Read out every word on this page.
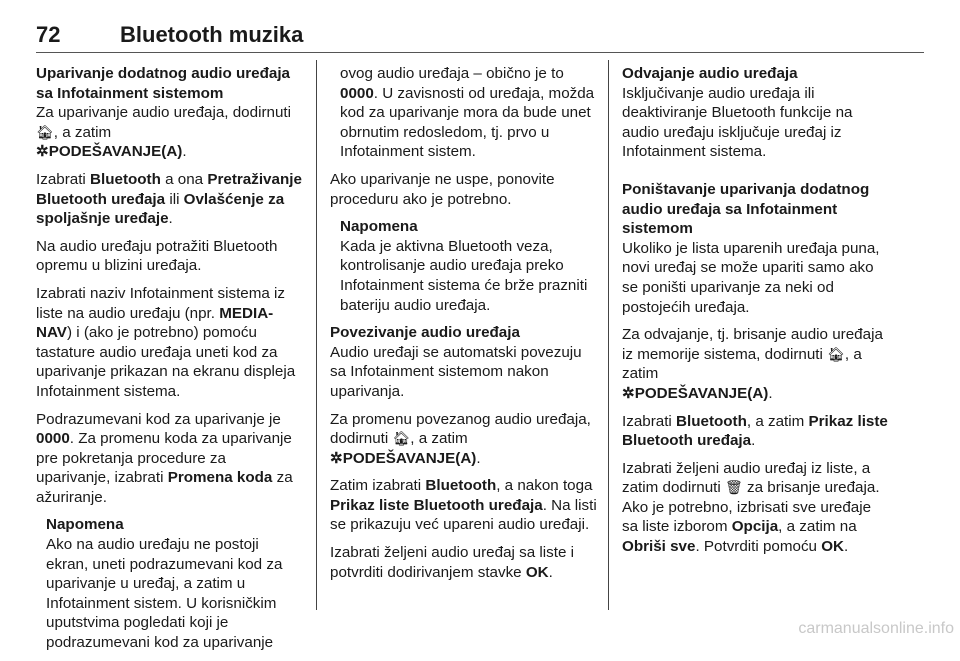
72	Bluetooth muzika
Uparivanje dodatnog audio uređaja sa Infotainment sistemom

Za uparivanje audio uređaja, dodirnuti 🏠︎, a zatim
✲PODEŠAVANJE(A).

Izabrati Bluetooth a ona Pretraživanje Bluetooth uređaja ili Ovlašćenje za spoljašnje uređaje.

Na audio uređaju potražiti Bluetooth opremu u blizini uređaja.

Izabrati naziv Infotainment sistema iz liste na audio uređaju (npr. MEDIA-NAV) i (ako je potrebno) pomoću tastature audio uređaja uneti kod za uparivanje prikazan na ekranu displeja Infotainment sistema.

Podrazumevani kod za uparivanje je 0000. Za promenu koda za uparivanje pre pokretanja procedure za uparivanje, izabrati Promena koda za ažuriranje.

Napomena
Ako na audio uređaju ne postoji ekran, uneti podrazumevani kod za uparivanje u uređaj, a zatim u Infotainment sistem. U korisničkim uputstvima pogledati koji je podrazumevani kod za uparivanje
ovog audio uređaja – obično je to 0000. U zavisnosti od uređaja, možda kod za uparivanje mora da bude unet obrnutim redosledom, tj. prvo u Infotainment sistem.

Ako uparivanje ne uspe, ponovite proceduru ako je potrebno.

Napomena
Kada je aktivna Bluetooth veza, kontrolisanje audio uređaja preko Infotainment sistema će brže prazniti bateriju audio uređaja.
Povezivanje audio uređaja

Audio uređaji se automatski povezuju sa Infotainment sistemom nakon uparivanja.

Za promenu povezanog audio uređaja, dodirnuti 🏠︎, a zatim
✲PODEŠAVANJE(A).

Zatim izabrati Bluetooth, a nakon toga Prikaz liste Bluetooth uređaja. Na listi se prikazuju već upareni audio uređaji.

Izabrati željeni audio uređaj sa liste i potvrditi dodirivanjem stavke OK.

Odvajanje audio uređaja

Isključivanje audio uređaja ili deaktiviranje Bluetooth funkcije na audio uređaju isključuje uređaj iz Infotainment sistema.

Poništavanje uparivanja dodatnog audio uređaja sa Infotainment sistemom

Ukoliko je lista uparenih uređaja puna, novi uređaj se može upariti samo ako se poništi uparivanje za neki od postojećih uređaja.

Za odvajanje, tj. brisanje audio uređaja iz memorije sistema, dodirnuti 🏠︎, a zatim
✲PODEŠAVANJE(A).

Izabrati Bluetooth, a zatim Prikaz liste Bluetooth uređaja.

Izabrati željeni audio uređaj iz liste, a zatim dodirnuti 🗑︎ za brisanje uređaja. Ako je potrebno, izbrisati sve uređaje sa liste izborom Opcija, a zatim na Obriši sve. Potvrditi pomoću OK.

carmanualsonline.info
